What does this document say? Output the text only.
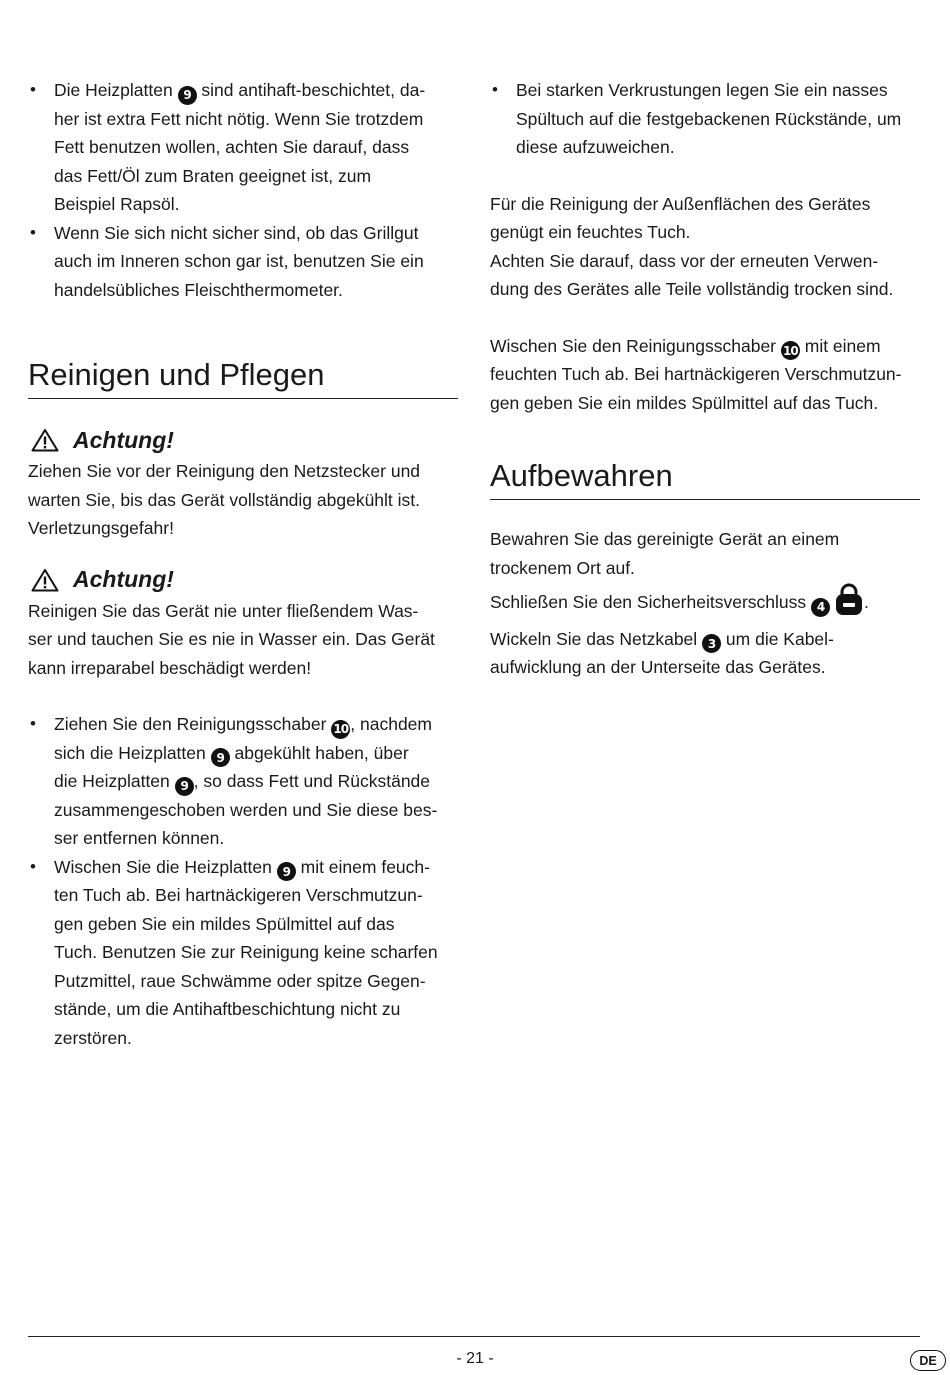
• Die Heizplatten 9 sind antihaft-beschichtet, da-
her ist extra Fett nicht nötig. Wenn Sie trotzdem
Fett benutzen wollen, achten Sie darauf, dass
das Fett/Öl zum Braten geeignet ist, zum
Beispiel Rapsöl.
• Wenn Sie sich nicht sicher sind, ob das Grillgut
auch im Inneren schon gar ist, benutzen Sie ein
handelsübliches Fleischthermometer.
Reinigen und Pflegen
Achtung!

Ziehen Sie vor der Reinigung den Netzstecker und
warten Sie, bis das Gerät vollständig abgekühlt ist.
Verletzungsgefahr!

Achtung!

Reinigen Sie das Gerät nie unter fließendem Was-
ser und tauchen Sie es nie in Wasser ein. Das Gerät
kann irreparabel beschädigt werden!

• Ziehen Sie den Reinigungsschaber 10 , nachdem
sich die Heizplatten 9 abgekühlt haben, über
die Heizplatten 9 , so dass Fett und Rückstände
zusammengeschoben werden und Sie diese bes-
ser entfernen können.
• Wischen Sie die Heizplatten 9 mit einem feuch-
ten Tuch ab. Bei hartnäckigeren Verschmutzun-
gen geben Sie ein mildes Spülmittel auf das
Tuch. Benutzen Sie zur Reinigung keine scharfen
Putzmittel, raue Schwämme oder spitze Gegen-
stände, um die Antihaftbeschichtung nicht zu
zerstören.
• Bei starken Verkrustungen legen Sie ein nasses
Spültuch auf die festgebackenen Rückstände, um
diese aufzuweichen.

Für die Reinigung der Außenflächen des Gerätes
genügt ein feuchtes Tuch.
Achten Sie darauf, dass vor der erneuten Verwen-
dung des Gerätes alle Teile vollständig trocken sind.

Wischen Sie den Reinigungsschaber 10 mit einem
feuchten Tuch ab. Bei hartnäckigeren Verschmutzun-
gen geben Sie ein mildes Spülmittel auf das Tuch.

Aufbewahren

Bewahren Sie das gereinigte Gerät an einem
trockenem Ort auf.
Schließen Sie den Sicherheitsverschluss 4 .
Wickeln Sie das Netzkabel 3 um die Kabel-
aufwicklung an der Unterseite das Gerätes.

- 21 -	DE
